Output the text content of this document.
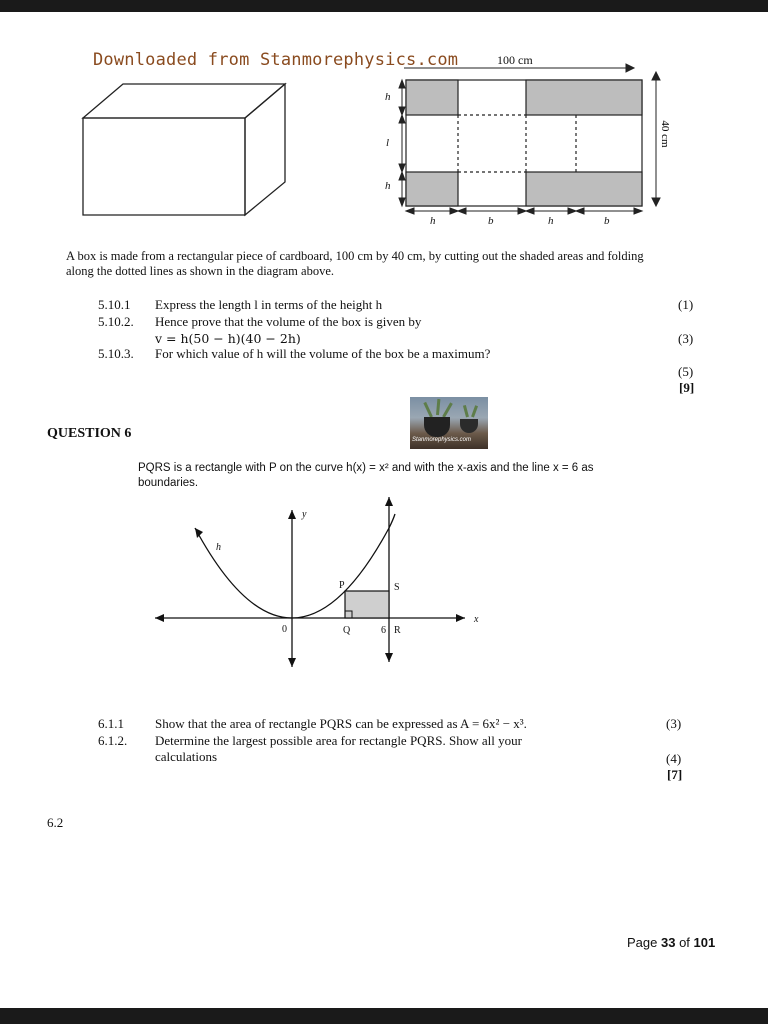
Downloaded from Stanmorephysics.com	100 cm
40 cm
h
l
h
h	b	h	b
A box is made from a rectangular piece of cardboard, 100 cm by 40 cm, by cutting out the shaded areas and folding along the dotted lines as shown in the diagram above.
5.10.1 Express the length l in terms of the height h	(1)
5.10.2. Hence prove that the volume of the box is given by
v = h(50 − h)(40 − 2h)	(3)
5.10.3. For which value of h will the volume of the box be a maximum?
(5)
[9]
Stanmorephysics.com
QUESTION 6
PQRS is a rectangle with P on the curve h(x) = x² and with the x-axis and the line x = 6 as
boundaries.
y
x
h
0
P
Q	R
S
6
6.1.1 Show that the area of rectangle PQRS can be expressed as A = 6x² − x³.	(3)
6.1.2. Determine the largest possible area for rectangle PQRS. Show all your
calculations	(4)
[7]
6.2
Page 33 of 101
